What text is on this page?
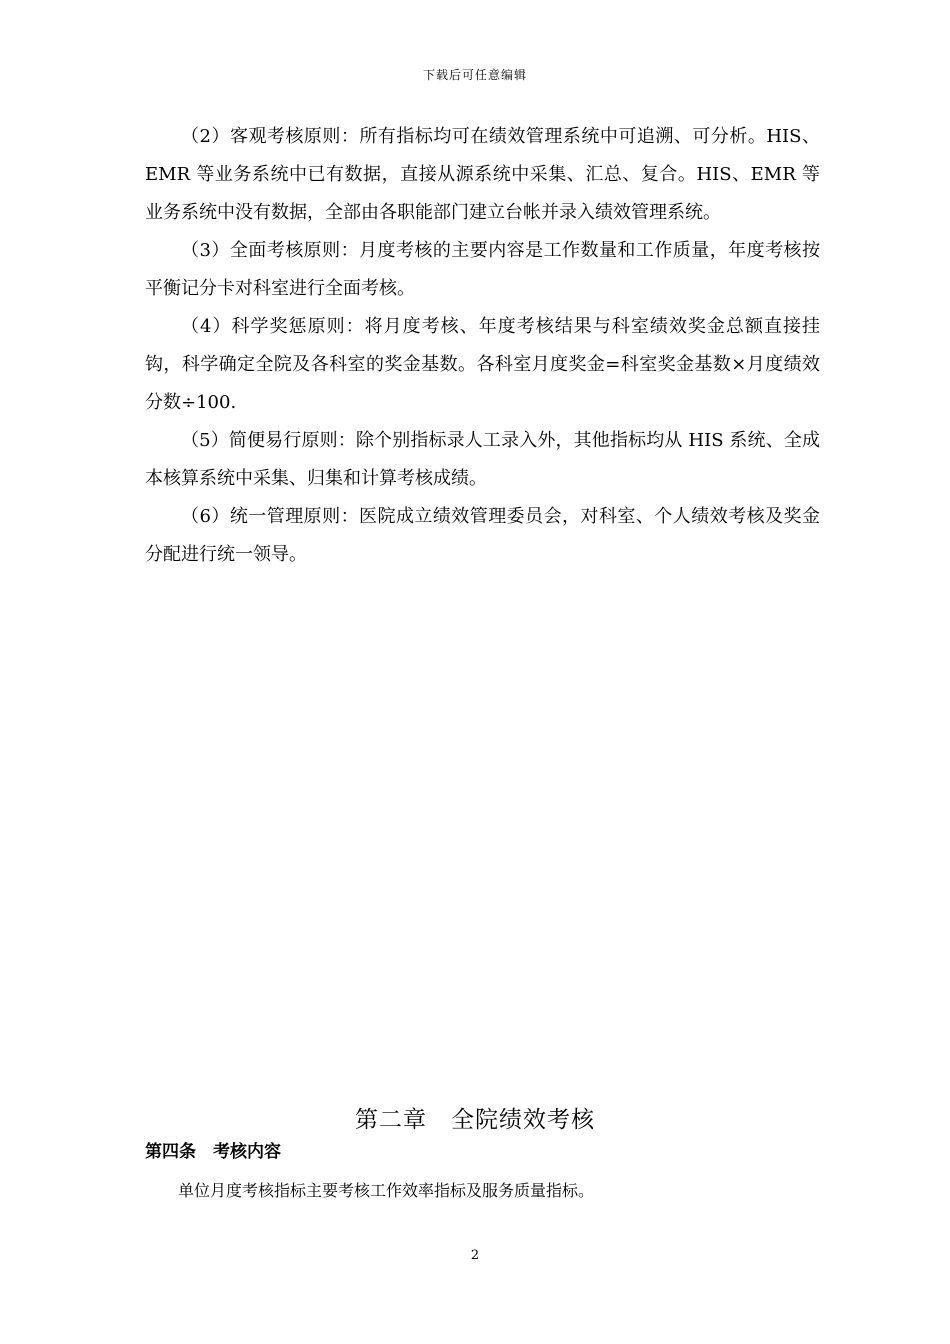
下载后可任意编辑

（2）客观考核原则：所有指标均可在绩效管理系统中可追溯、可分析。HIS、EMR 等业务系统中已有数据，直接从源系统中采集、汇总、复合。HIS、EMR 等业务系统中没有数据，全部由各职能部门建立台帐并录入绩效管理系统。

（3）全面考核原则：月度考核的主要内容是工作数量和工作质量，年度考核按平衡记分卡对科室进行全面考核。

（4）科学奖惩原则：将月度考核、年度考核结果与科室绩效奖金总额直接挂钩，科学确定全院及各科室的奖金基数。各科室月度奖金=科室奖金基数×月度绩效分数÷100.

（5）简便易行原则：除个别指标录人工录入外，其他指标均从 HIS 系统、全成本核算系统中采集、归集和计算考核成绩。

（6）统一管理原则：医院成立绩效管理委员会，对科室、个人绩效考核及奖金分配进行统一领导。

第二章　全院绩效考核
第四条　考核内容
单位月度考核指标主要考核工作效率指标及服务质量指标。
2
